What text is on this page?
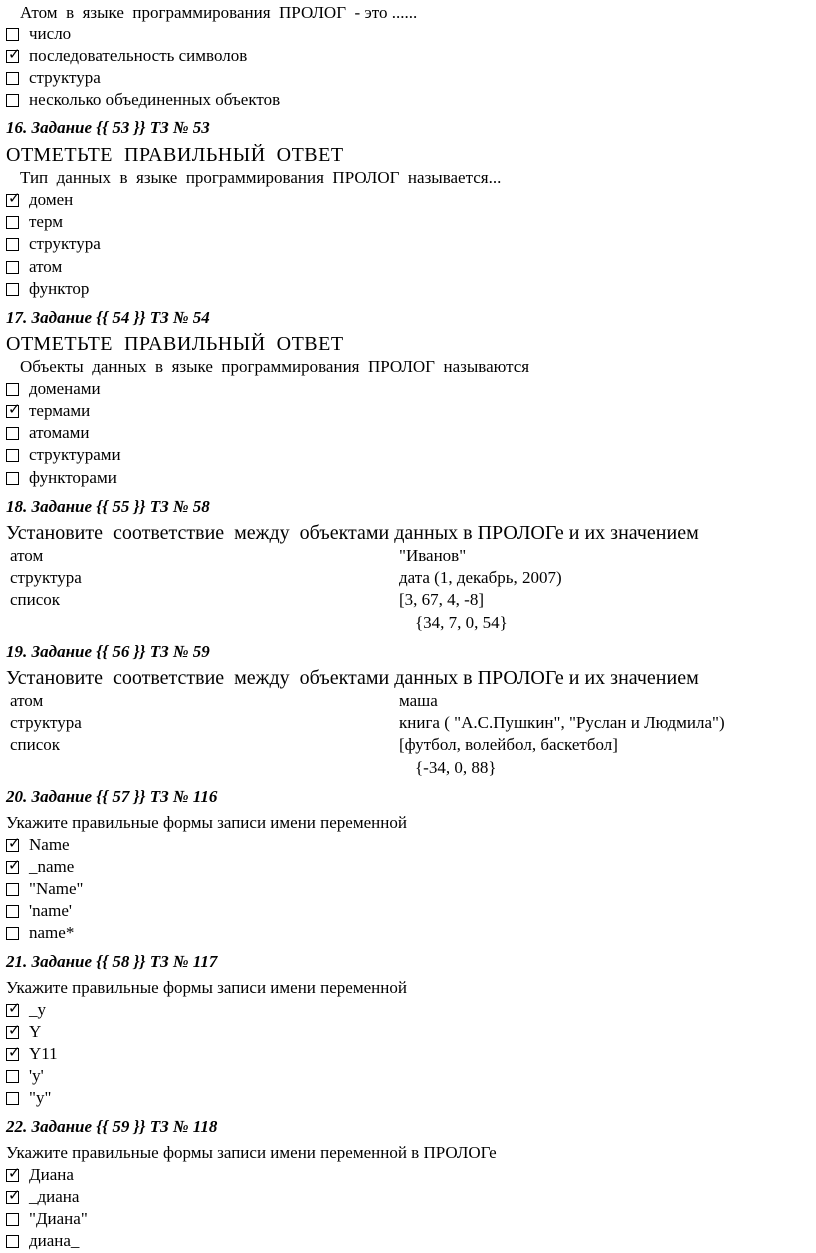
Атом  в  языке  программирования  ПРОЛОГ  - это ......
число
✓
последовательность символов
структура
несколько объединенных объектов
16. Задание {{ 53 }} ТЗ № 53
ОТМЕТЬТЕ  ПРАВИЛЬНЫЙ  ОТВЕТ
Тип  данных  в  языке  программирования  ПРОЛОГ  называется...
✓
домен
терм
структура
атом
функтор
17. Задание {{ 54 }} ТЗ № 54
ОТМЕТЬТЕ  ПРАВИЛЬНЫЙ  ОТВЕТ
Объекты  данных  в  языке  программирования  ПРОЛОГ  называются
доменами
✓
термами
атомами
структурами
функторами
18. Задание {{ 55 }} ТЗ № 58
Установите  соответствие  между  объектами данных в ПРОЛОГе и их значением
атом
структура
список
"Иванов"
дата (1, декабрь, 2007)
[3, 67, 4, -8]
{34, 7, 0, 54}
19. Задание {{ 56 }} ТЗ № 59
Установите  соответствие  между  объектами данных в ПРОЛОГе и их значением
атом
структура
список
маша
книга ( "А.С.Пушкин", "Руслан и Людмила")
[футбол, волейбол, баскетбол]
{-34, 0, 88}
20. Задание {{ 57 }} ТЗ № 116
Укажите правильные формы записи имени переменной
✓
Name
✓
_name
"Name"
'name'
name*
21. Задание {{ 58 }} ТЗ № 117
Укажите правильные формы записи имени переменной
✓
_y
✓
Y
✓
Y11
'y'
"y"
22. Задание {{ 59 }} ТЗ № 118
Укажите правильные формы записи имени переменной в ПРОЛОГе
✓
Диана
✓
_диана
"Диана"
диана_
